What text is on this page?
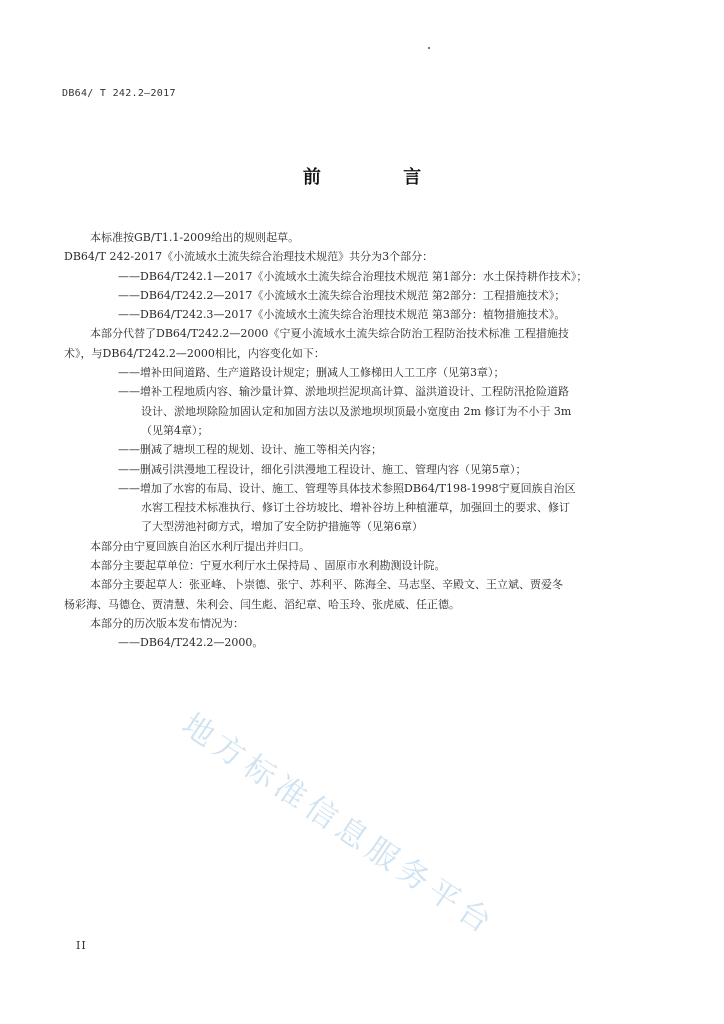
DB64/ T 242.2—2017
前 言
本标准按GB/T1.1-2009给出的规则起草。
DB64/T 242-2017《小流域水土流失综合治理技术规范》共分为3个部分：
——DB64/T242.1—2017《小流域水土流失综合治理技术规范 第1部分：水土保持耕作技术》；
——DB64/T242.2—2017《小流域水土流失综合治理技术规范 第2部分：工程措施技术》；
——DB64/T242.3—2017《小流域水土流失综合治理技术规范 第3部分：植物措施技术》。
本部分代替了DB64/T242.2—2000《宁夏小流域水土流失综合防治工程防治技术标准 工程措施技
术》，与DB64/T242.2—2000相比，内容变化如下：
——增补田间道路、生产道路设计规定；删减人工修梯田人工工序（见第3章）；
——增补工程地质内容、输沙量计算、淤地坝拦泥坝高计算、溢洪道设计、工程防汛抢险道路
设计、淤地坝除险加固认定和加固方法以及淤地坝坝顶最小宽度由 2m 修订为不小于 3m
（见第4章）；
——删减了塘坝工程的规划、设计、施工等相关内容；
——删减引洪漫地工程设计，细化引洪漫地工程设计、施工、管理内容（见第5章）；
——增加了水窖的布局、设计、施工、管理等具体技术参照DB64/T198-1998宁夏回族自治区
水窖工程技术标准执行、修订土谷坊坡比、增补谷坊上种植灌草，加强回土的要求、修订
了大型涝池衬砌方式，增加了安全防护措施等（见第6章）
本部分由宁夏回族自治区水利厅提出并归口。
本部分主要起草单位：宁夏水利厅水土保持局 、固原市水利勘测设计院。
本部分主要起草人：张亚峰、卜崇德、张宁、苏利平、陈海全、马志坚、辛殿文、王立斌、贾爱冬
杨彩海、马德仓、贾清慧、朱利会、闫生彪、滔纪章、哈玉玲、张虎威、任正德。
本部分的历次版本发布情况为：
——DB64/T242.2—2000。
地方标准信息服务平台
II
